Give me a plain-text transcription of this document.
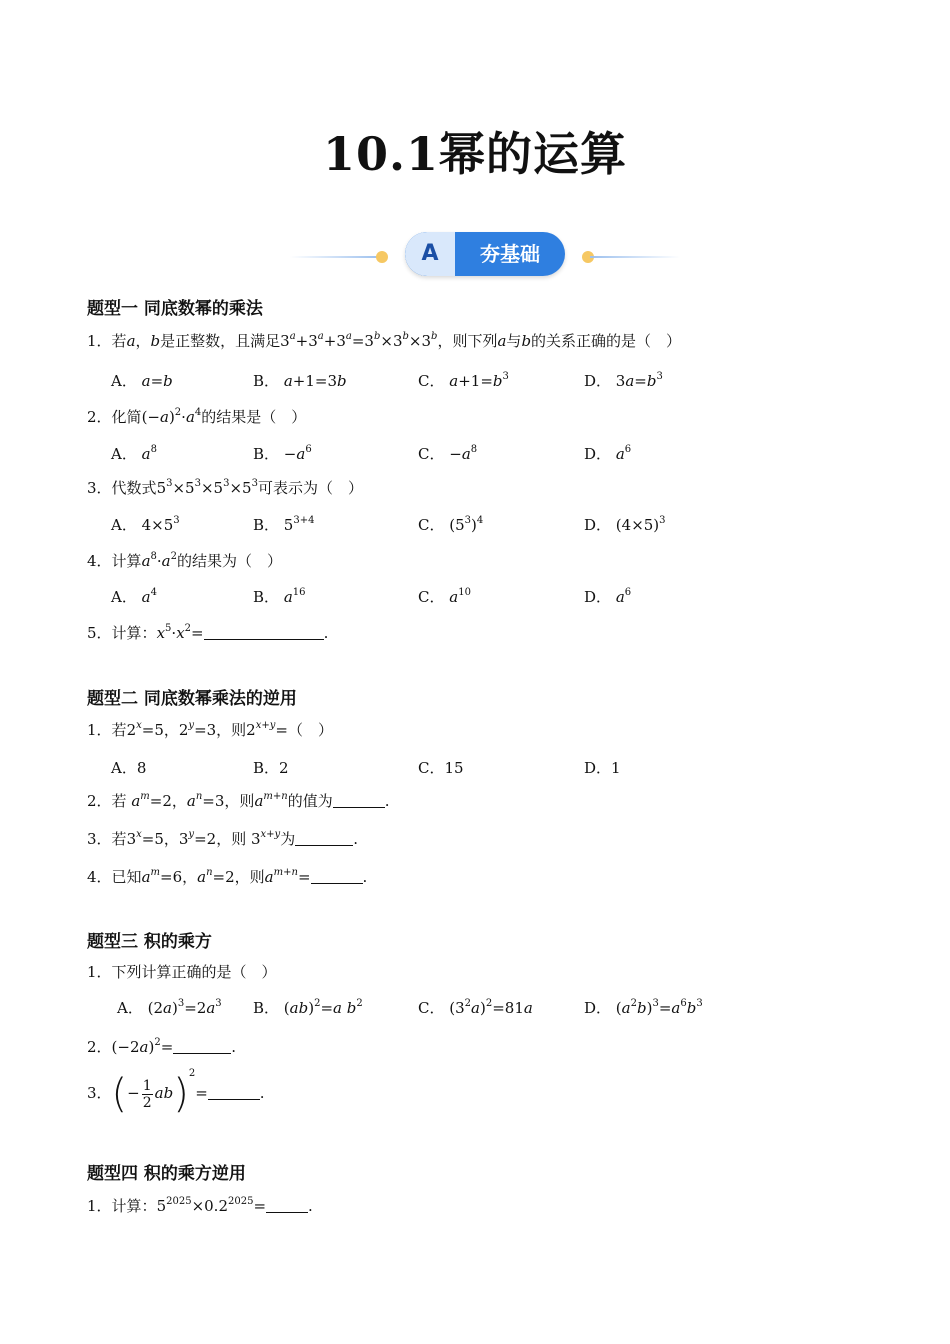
10.1幂的运算
A	夯基础
题型一 同底数幂的乘法
1．若a，b是正整数，且满足$3^a+3^a+3^a=3^b\times 3^b\times 3^b$，则下列a与b的关系正确的是（　）
A． a=b	B． a+1=3b	C． $a+1=b^3$	D． $3a=b^3$
2．化简$(-a)^2\cdot a^4$的结果是（　）
A． $a^8$	B． $-a^6$	C． $-a^8$	D． $a^6$
3．代数式$5^3\times 5^3\times 5^3\times 5^3$可表示为（　）
A． $4\times 5^3$	B． $5^{3+4}$	C． $(5^3)^4$	D． $(4\times 5)^3$
4．计算$a^8\cdot a^2$的结果为（　）
A． $a^4$	B． $a^{16}$	C． $a^{10}$	D． $a^6$
5．计算：$x^5\cdot x^2=$	.
题型二 同底数幂乘法的逆用
1．若$2^x=5$，$2^y=3$，则$2^{x+y}=$（　）
A．8	B．2	C．15	D．1
2．若 $a^m=2$，$a^n=3$，则$a^{m+n}$的值为	.
3．若$3^x=5$，$3^y=2$，则 $3^{x+y}$为	.
4．已知$a^m=6$，$a^n=2$，则$a^{m+n}=$	.
题型三 积的乘方
1．下列计算正确的是（　）
A． $(2a)^3=2a^3$ B． (ab)$^2$=a $b^2$	C． $(3^2a)^2=81a$	D． $(a^2b)^3=a^6b^3$
2．$(-2a)^2=$	.
3．(− $\frac{1}{2} ab)^2=$	.
题型四 积的乘方逆用
1．计算：$5^{2025}\times 0.2^{2025}=$	.
